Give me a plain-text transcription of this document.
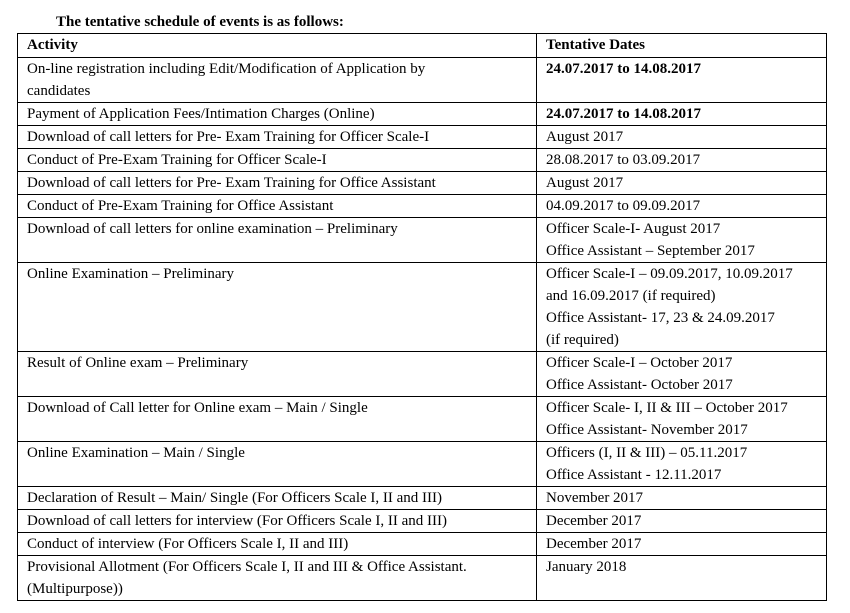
The tentative schedule of events is as follows:
Activity	Tentative Dates

On-line registration including Edit/Modification of Application by
candidates	24.07.2017 to 14.08.2017

Payment of Application Fees/Intimation Charges (Online)	24.07.2017 to 14.08.2017

Download of call letters for Pre- Exam Training for Officer Scale-I	August 2017

Conduct of Pre-Exam Training for Officer Scale-I	28.08.2017 to 03.09.2017

Download of call letters for Pre- Exam Training for Office Assistant	August 2017

Conduct of Pre-Exam Training for Office Assistant	04.09.2017 to 09.09.2017

Download of call letters for online examination – Preliminary	Officer Scale-I- August 2017
Office Assistant – September 2017

Online Examination – Preliminary	Officer Scale-I – 09.09.2017, 10.09.2017
and 16.09.2017 (if required)
Office Assistant- 17, 23 & 24.09.2017
(if required)

Result of Online exam – Preliminary	Officer Scale-I – October 2017
Office Assistant- October 2017

Download of Call letter for Online exam – Main / Single	Officer Scale- I, II & III – October 2017
Office Assistant- November 2017

Online Examination – Main / Single	Officers (I, II & III) – 05.11.2017
Office Assistant - 12.11.2017

Declaration of Result – Main/ Single (For Officers Scale I, II and III)	November 2017

Download of call letters for interview (For Officers Scale I, II and III)	December 2017

Conduct of interview (For Officers Scale I, II and III)	December 2017

Provisional Allotment (For Officers Scale I, II and III & Office Assistant.
(Multipurpose))	January 2018
